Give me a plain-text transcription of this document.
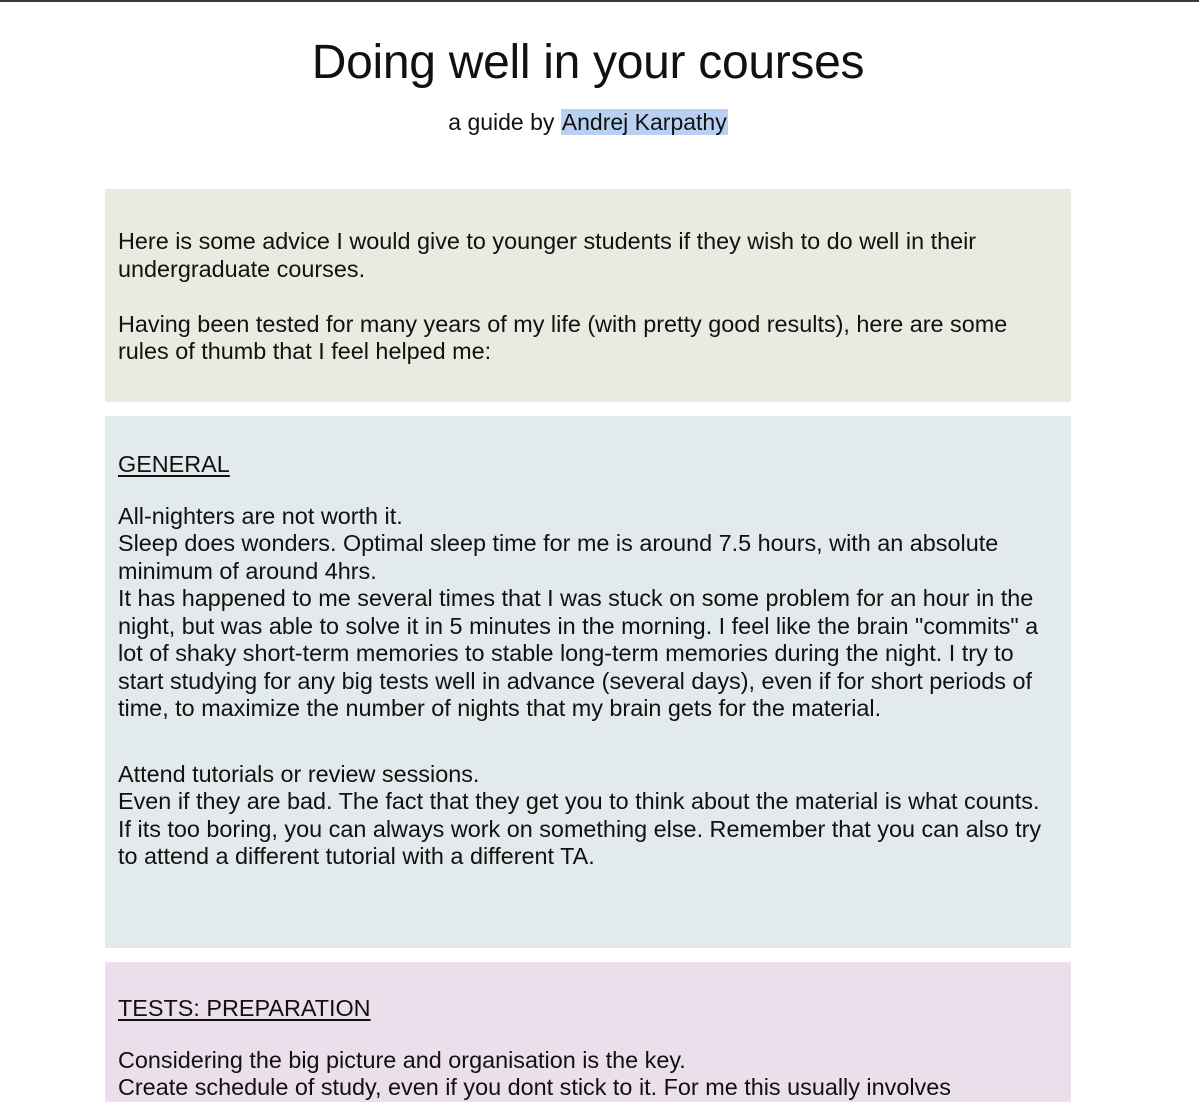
Doing well in your courses
a guide by Andrej Karpathy

Here is some advice I would give to younger students if they wish to do well in their undergraduate courses.

Having been tested for many years of my life (with pretty good results), here are some rules of thumb that I feel helped me:

GENERAL

All-nighters are not worth it.

Sleep does wonders. Optimal sleep time for me is around 7.5 hours, with an absolute minimum of around 4hrs.

It has happened to me several times that I was stuck on some problem for an hour in the night, but was able to solve it in 5 minutes in the morning. I feel like the brain "commits" a lot of shaky short-term memories to stable long-term memories during the night. I try to start studying for any big tests well in advance (several days), even if for short periods of time, to maximize the number of nights that my brain gets for the material.

Attend tutorials or review sessions.

Even if they are bad. The fact that they get you to think about the material is what counts. If its too boring, you can always work on something else. Remember that you can also try to attend a different tutorial with a different TA.

TESTS: PREPARATION

Considering the big picture and organisation is the key.

Create schedule of study, even if you dont stick to it. For me this usually involves
